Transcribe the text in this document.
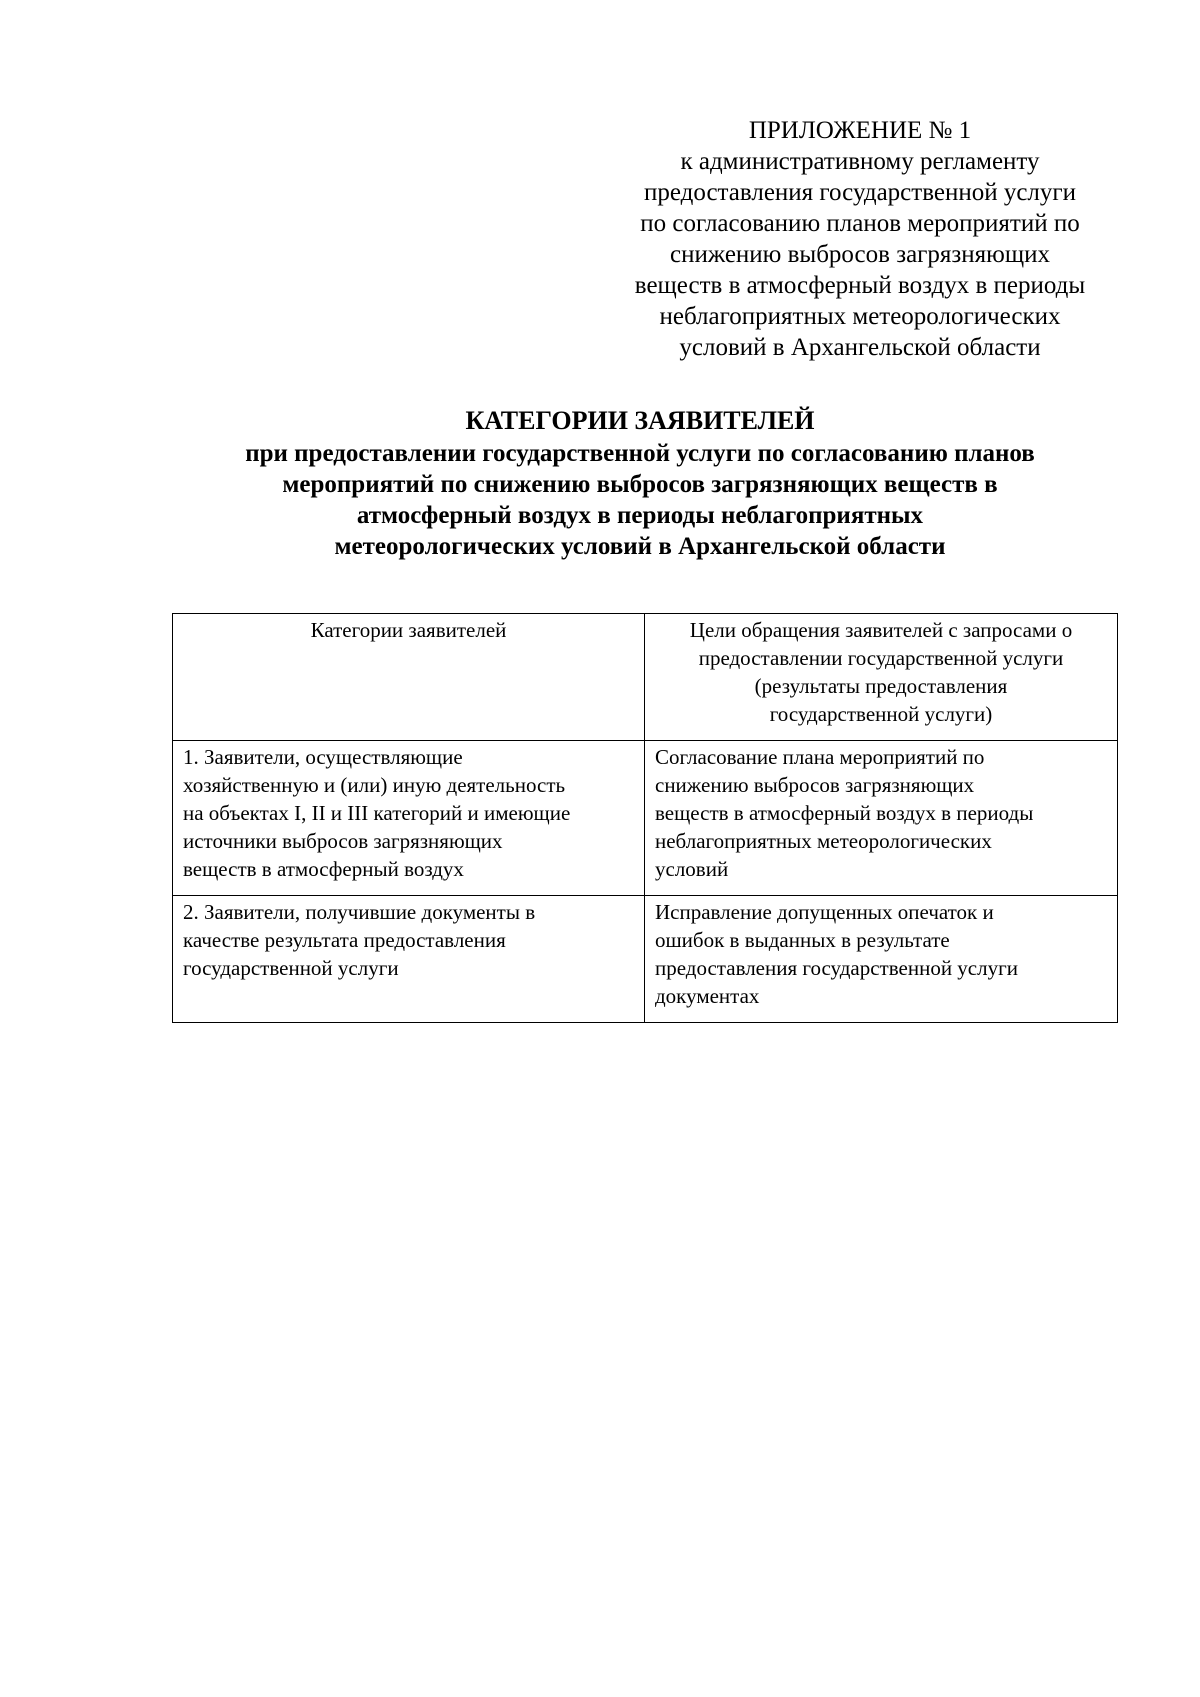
ПРИЛОЖЕНИЕ № 1
к административному регламенту
предоставления государственной услуги
по согласованию планов мероприятий по
снижению выбросов загрязняющих
веществ в атмосферный воздух в периоды
неблагоприятных метеорологических
условий в Архангельской области
КАТЕГОРИИ ЗАЯВИТЕЛЕЙ
при предоставлении государственной услуги по согласованию планов
мероприятий по снижению выбросов загрязняющих веществ в
атмосферный воздух в периоды неблагоприятных
метеорологических условий в Архангельской области
Категории заявителей	Цели обращения заявителей с запросами о
предоставлении государственной услуги
(результаты предоставления
государственной услуги)

1. Заявители, осуществляющие
хозяйственную и (или) иную деятельность
на объектах I, II и III категорий и имеющие
источники выбросов загрязняющих
веществ в атмосферный воздух	Согласование плана мероприятий по
снижению выбросов загрязняющих
веществ в атмосферный воздух в периоды
неблагоприятных метеорологических
условий

2. Заявители, получившие документы в
качестве результата предоставления
государственной услуги	Исправление допущенных опечаток и
ошибок в выданных в результате
предоставления государственной услуги
документах
